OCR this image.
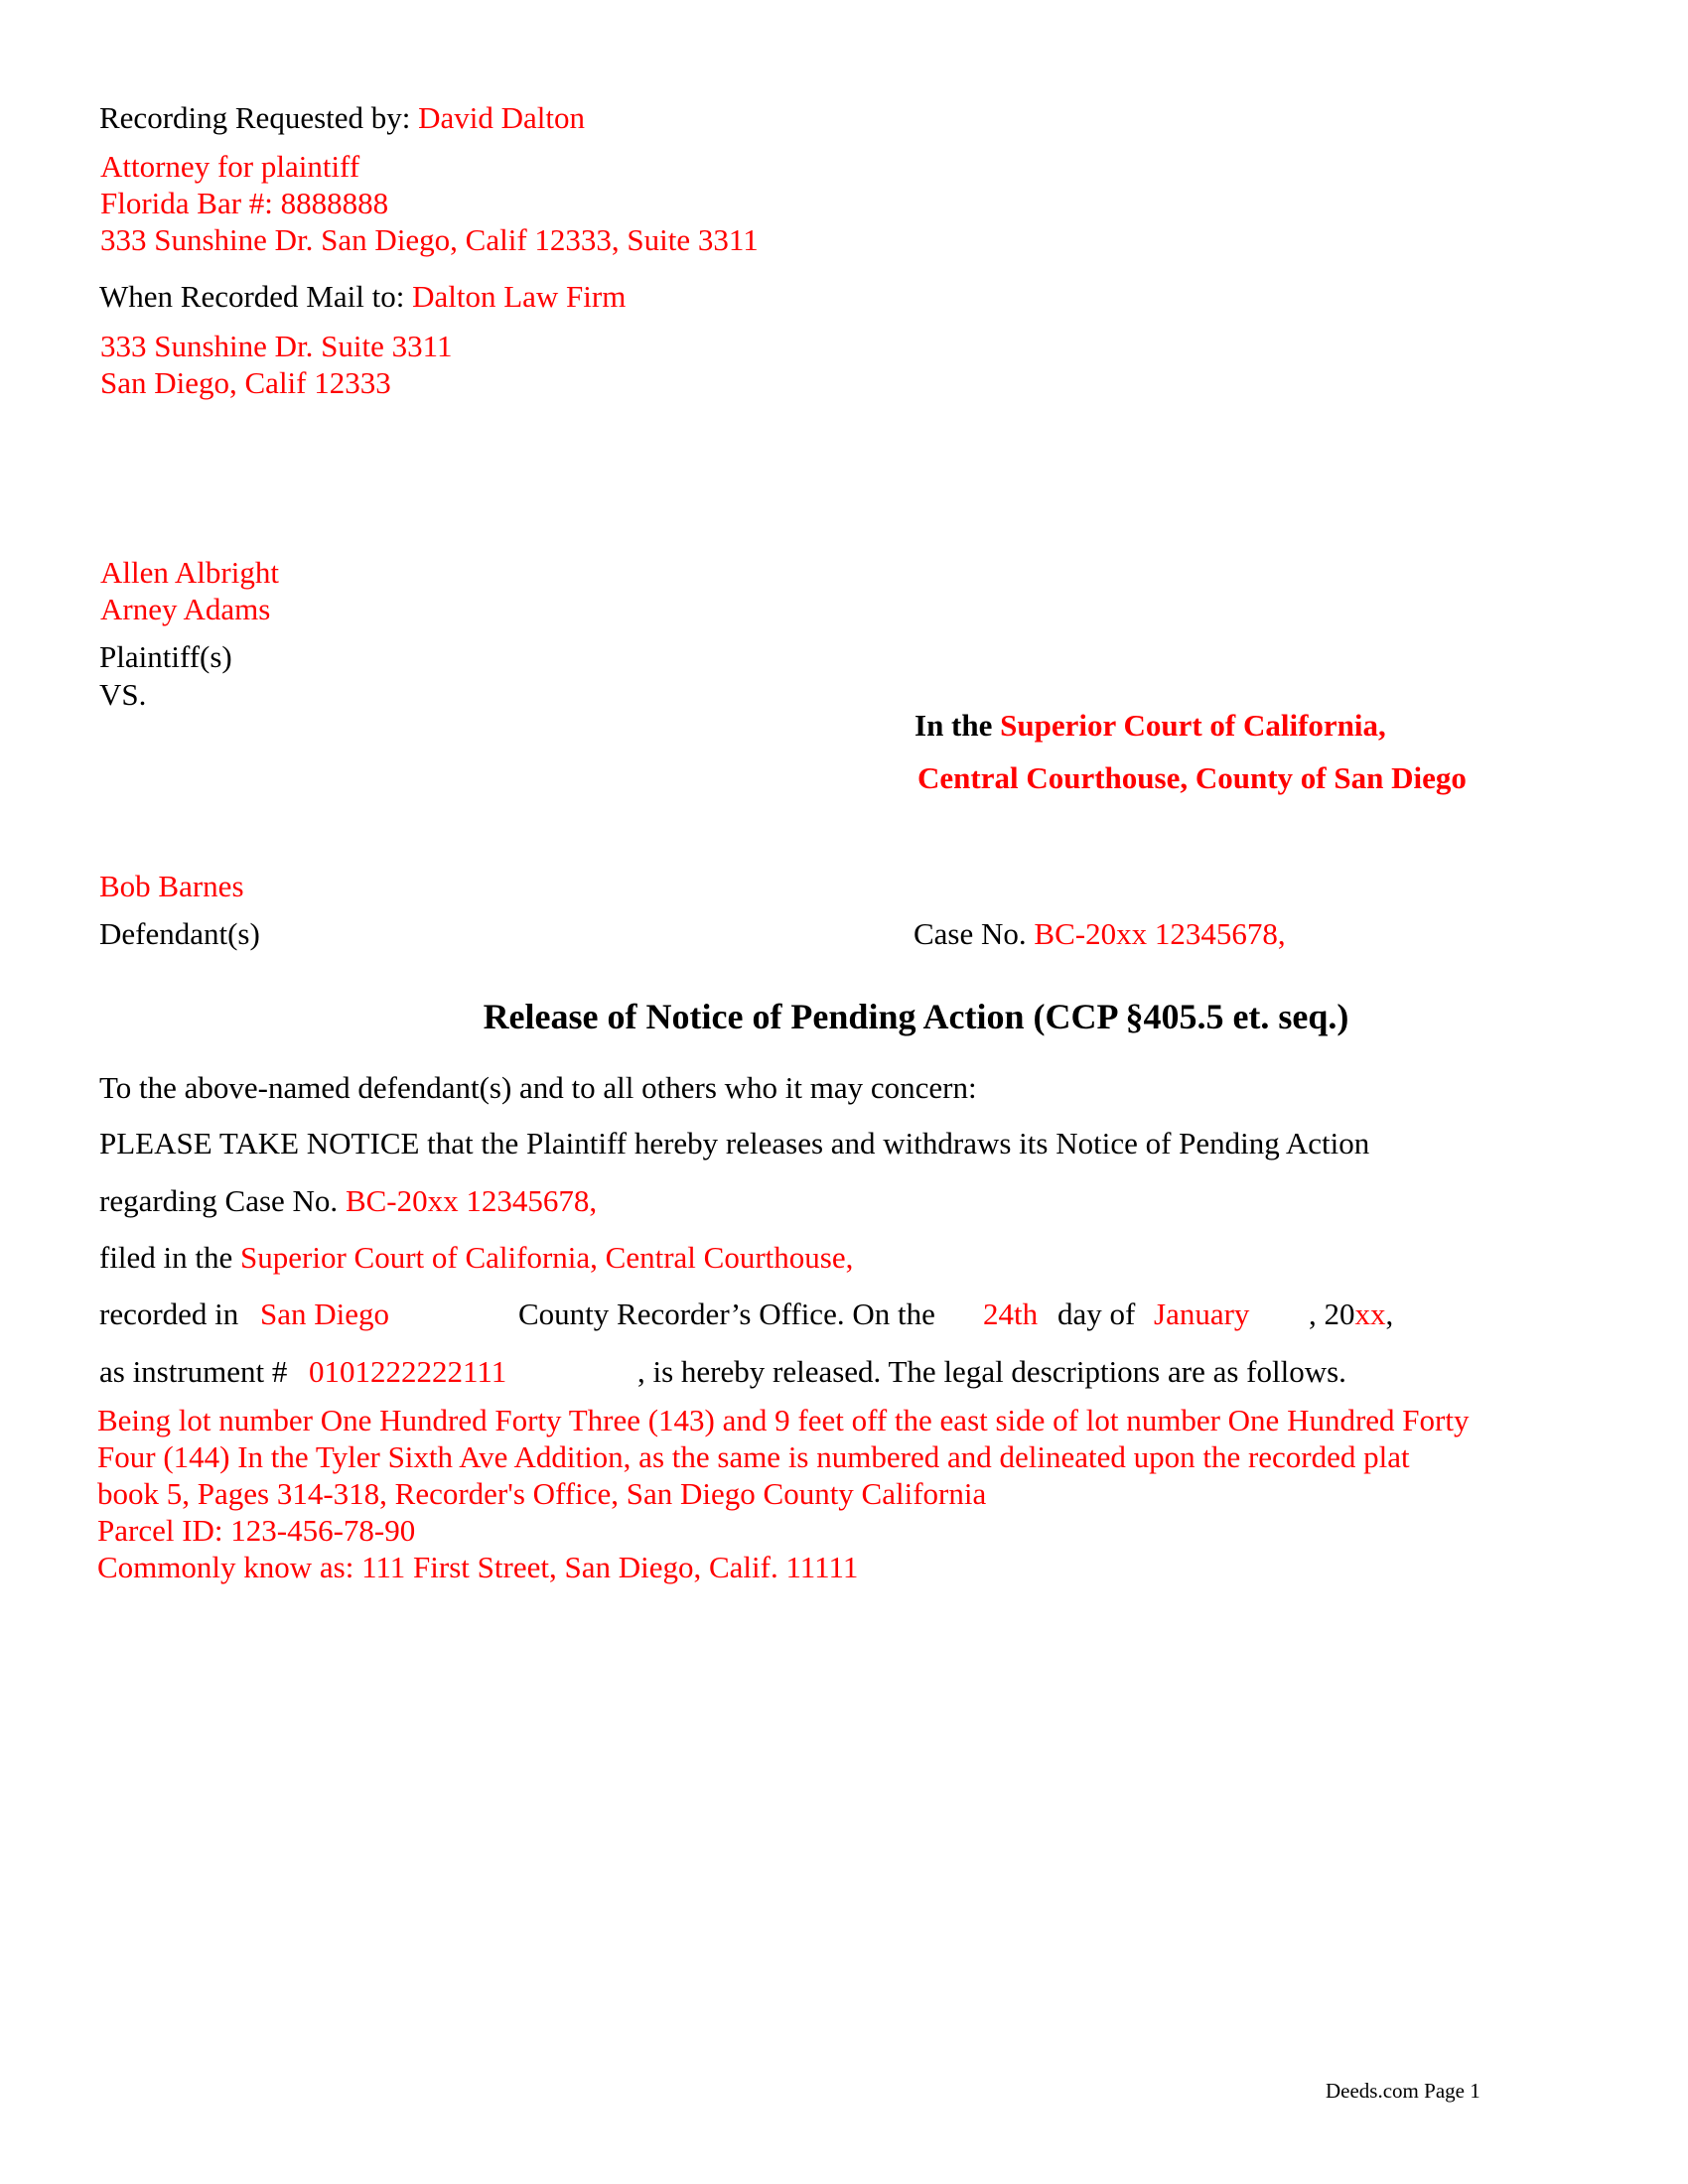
Recording Requested by: David Dalton
Attorney for plaintiff
Florida Bar #: 8888888
333 Sunshine Dr. San Diego, Calif 12333, Suite 3311
When Recorded Mail to: Dalton Law Firm
333 Sunshine Dr. Suite 3311
San Diego, Calif 12333
Allen Albright
Arney Adams
Plaintiff(s)
VS.
In the Superior Court of California,
Central Courthouse, County of San Diego
Bob Barnes
Defendant(s)	Case No. BC-20xx 12345678,
Release of Notice of Pending Action (CCP §405.5 et. seq.)
To the above-named defendant(s) and to all others who it may concern:
PLEASE TAKE NOTICE that the Plaintiff hereby releases and withdraws its Notice of Pending Action
regarding Case No. BC-20xx 12345678,
filed in the Superior Court of California, Central Courthouse,
recorded in San Diego	County Recorder’s Office. On the 24th day of January , 20xx,
as instrument # 0101222222111	, is hereby released. The legal descriptions are as follows.
Being lot number One Hundred Forty Three (143) and 9 feet off the east side of lot number One Hundred Forty
Four (144) In the Tyler Sixth Ave Addition, as the same is numbered and delineated upon the recorded plat
book 5, Pages 314-318, Recorder's Office, San Diego County California
Parcel ID: 123-456-78-90
Commonly know as: 111 First Street, San Diego, Calif. 11111
Deeds.com Page 1
